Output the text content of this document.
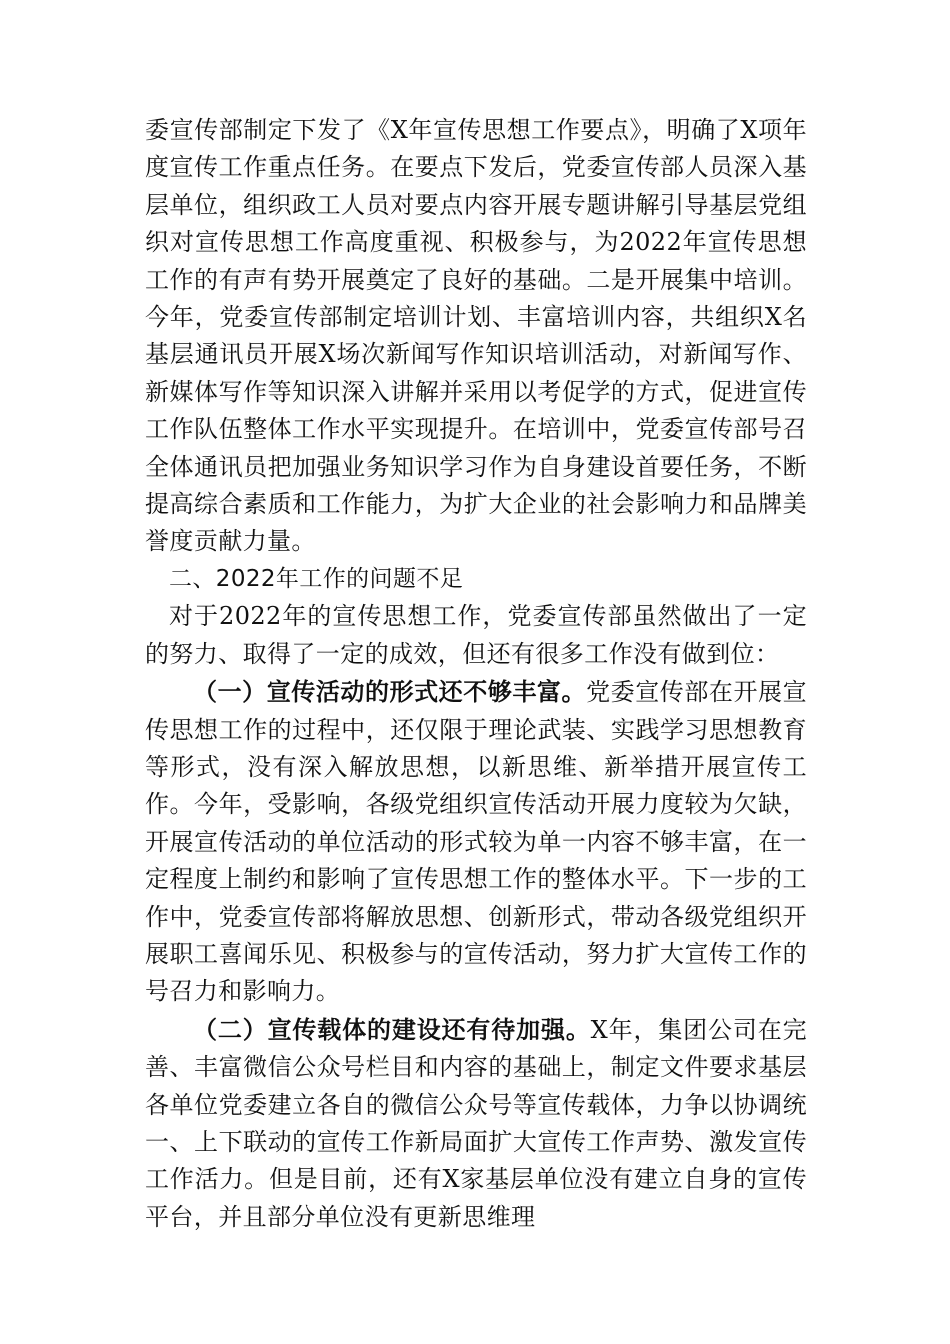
委宣传部制定下发了《X年宣传思想工作要点》，明确了X项年度宣传工作重点任务。在要点下发后，党委宣传部人员深入基层单位，组织政工人员对要点内容开展专题讲解引导基层党组织对宣传思想工作高度重视、积极参与，为2022年宣传思想工作的有声有势开展奠定了良好的基础。二是开展集中培训。今年，党委宣传部制定培训计划、丰富培训内容，共组织X名基层通讯员开展X场次新闻写作知识培训活动，对新闻写作、新媒体写作等知识深入讲解并采用以考促学的方式，促进宣传工作队伍整体工作水平实现提升。在培训中，党委宣传部号召全体通讯员把加强业务知识学习作为自身建设首要任务，不断提高综合素质和工作能力，为扩大企业的社会影响力和品牌美誉度贡献力量。

二、2022年工作的问题不足

对于2022年的宣传思想工作，党委宣传部虽然做出了一定的努力、取得了一定的成效，但还有很多工作没有做到位：

（一）宣传活动的形式还不够丰富。党委宣传部在开展宣传思想工作的过程中，还仅限于理论武装、实践学习思想教育等形式，没有深入解放思想，以新思维、新举措开展宣传工作。今年，受影响，各级党组织宣传活动开展力度较为欠缺，开展宣传活动的单位活动的形式较为单一内容不够丰富，在一定程度上制约和影响了宣传思想工作的整体水平。下一步的工作中，党委宣传部将解放思想、创新形式，带动各级党组织开展职工喜闻乐见、积极参与的宣传活动，努力扩大宣传工作的号召力和影响力。

（二）宣传载体的建设还有待加强。X年，集团公司在完善、丰富微信公众号栏目和内容的基础上，制定文件要求基层各单位党委建立各自的微信公众号等宣传载体，力争以协调统一、上下联动的宣传工作新局面扩大宣传工作声势、激发宣传工作活力。但是目前，还有X家基层单位没有建立自身的宣传平台，并且部分单位没有更新思维理
